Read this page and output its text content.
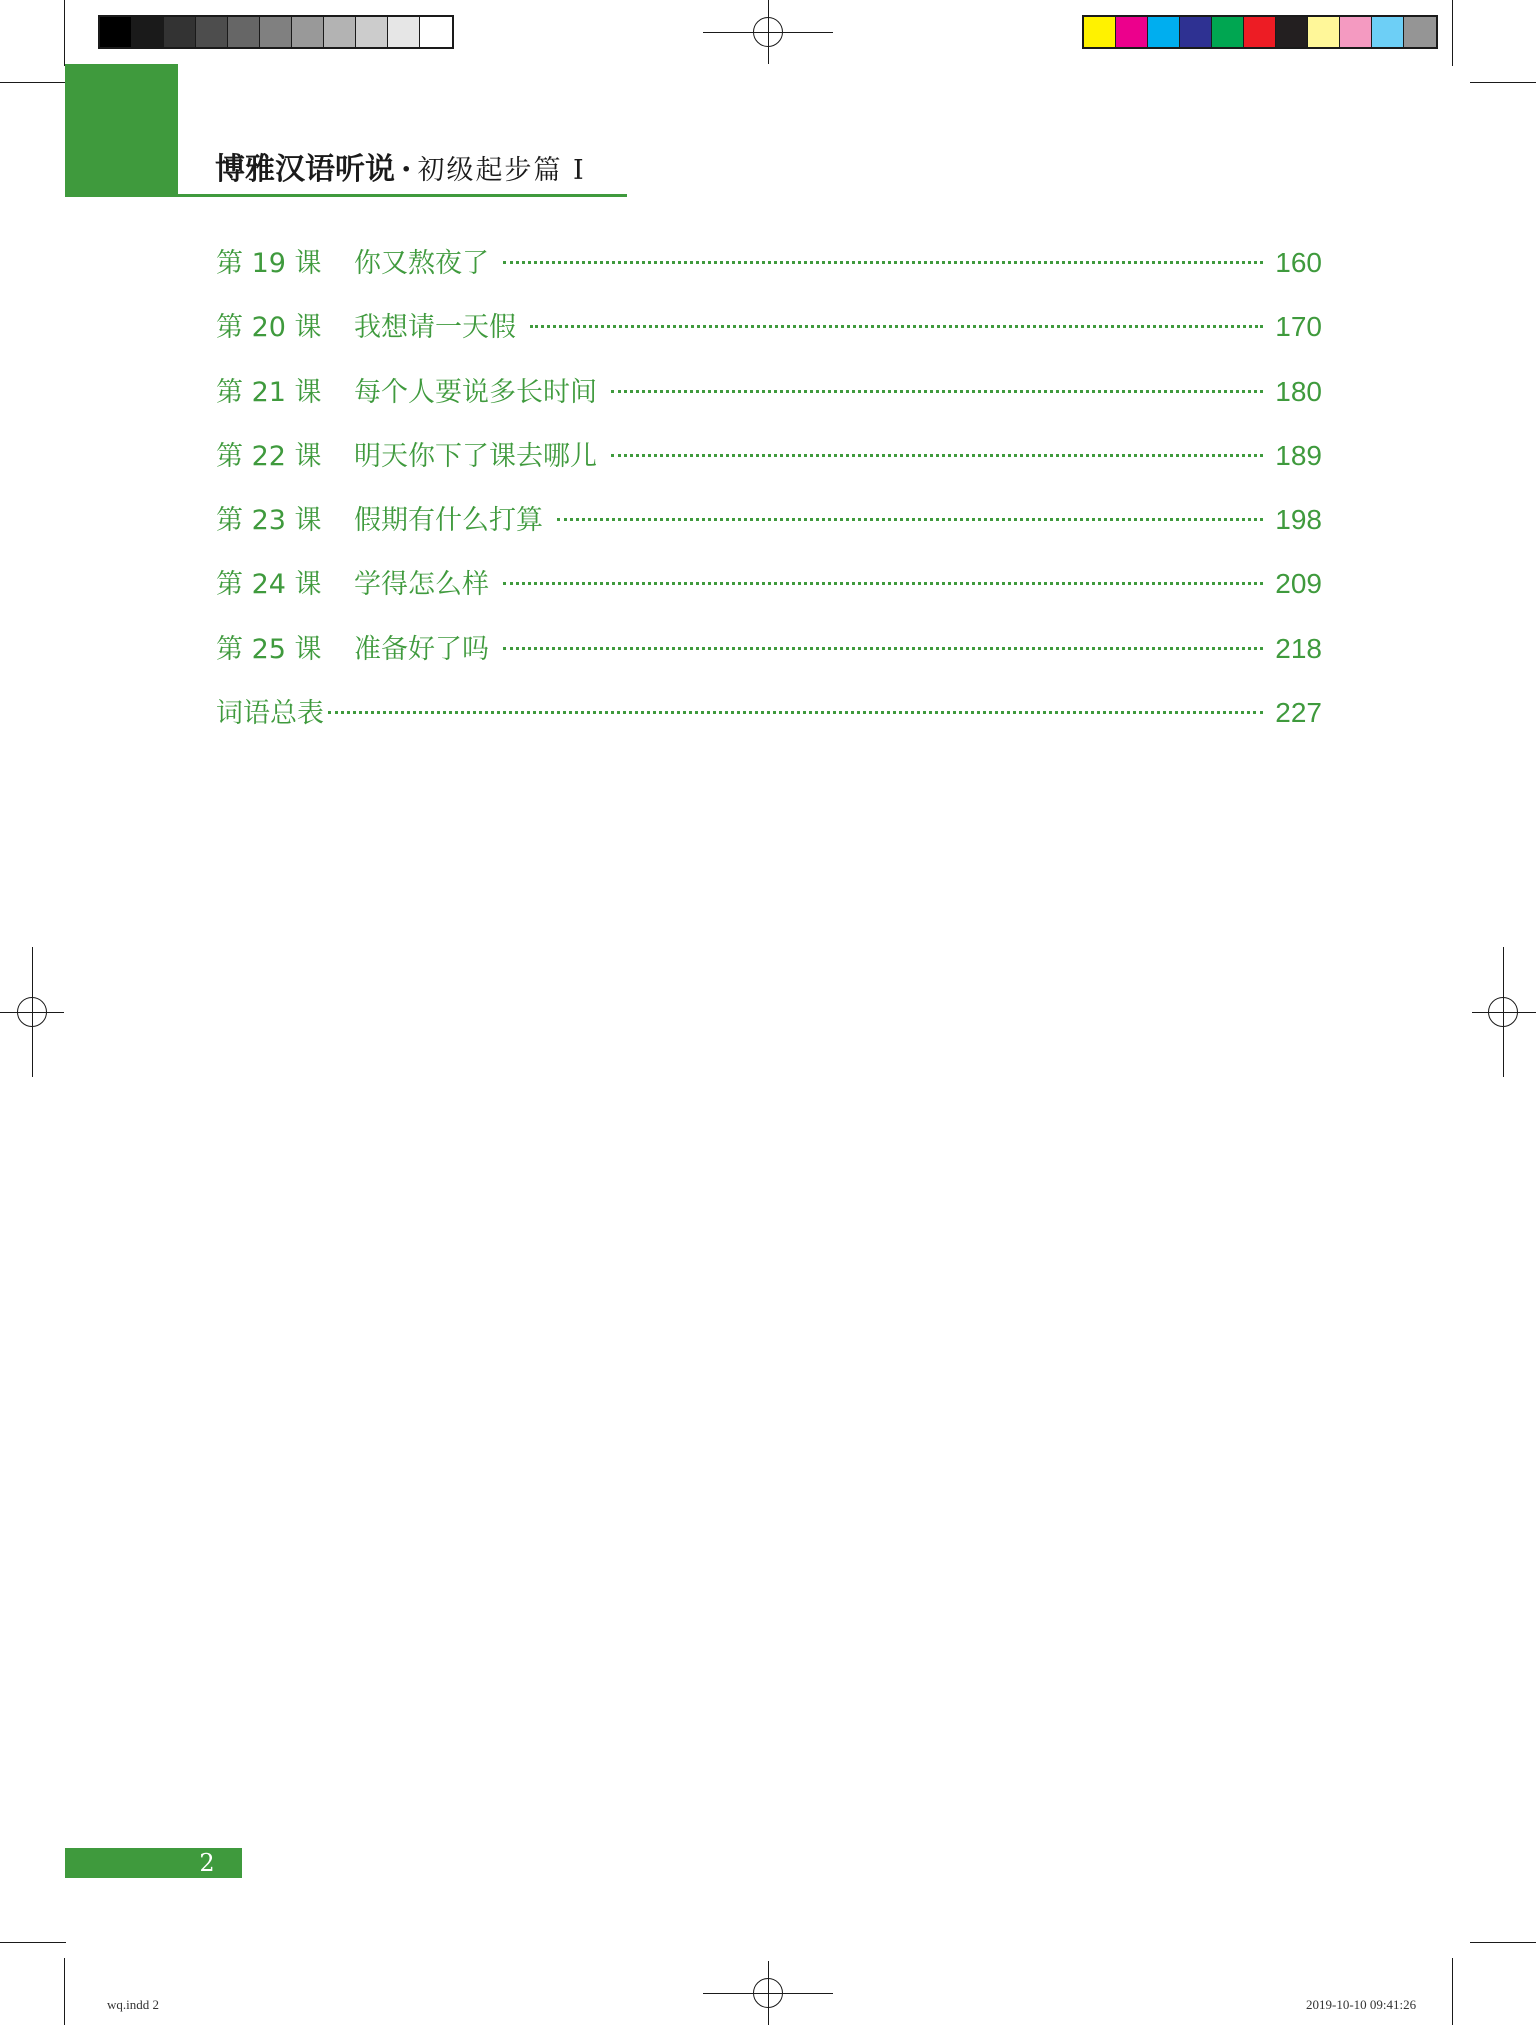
博雅汉语听说 · 初级起步篇 I
第 19 课	你又熬夜了	160
第 20 课	我想请一天假	170
第 21 课	每个人要说多长时间	180
第 22 课	明天你下了课去哪儿	189
第 23 课	假期有什么打算	198
第 24 课	学得怎么样	209
第 25 课	准备好了吗	218
词语总表	227
2
wq.indd 2	2019-10-10 09:41:26
